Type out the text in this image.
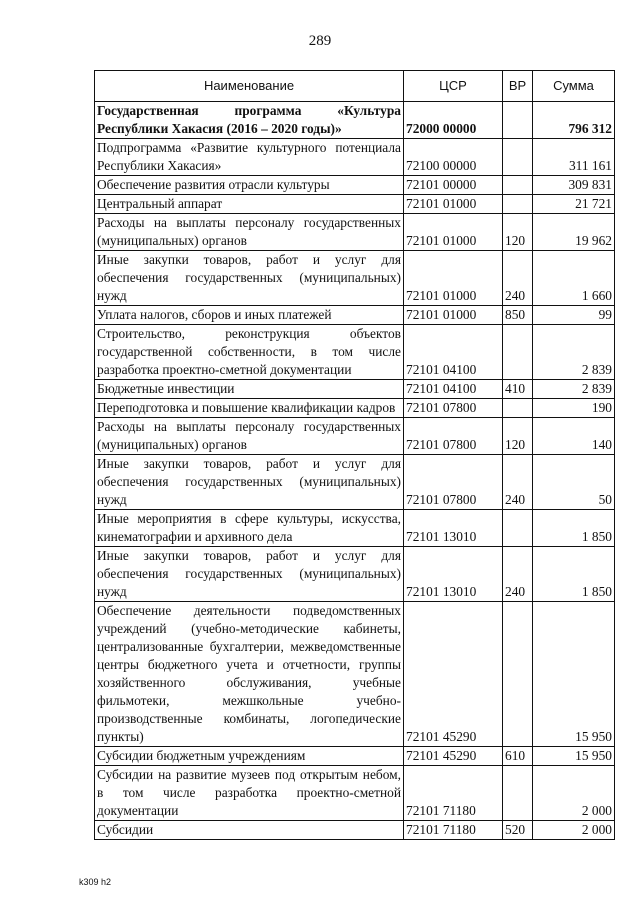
289
Наименование	ЦСР	ВР	Сумма
Государственная программа «Культура Республики Хакасия (2016 – 2020 годы)»	72000 00000		796 312
Подпрограмма «Развитие культурного потенциала Республики Хакасия»	72100 00000		311 161
Обеспечение развития отрасли культуры	72101 00000		309 831
Центральный аппарат	72101 01000		21 721
Расходы на выплаты персоналу государственных (муниципальных) органов	72101 01000	120	19 962
Иные закупки товаров, работ и услуг для обеспечения государственных (муниципальных) нужд	72101 01000	240	1 660
Уплата налогов, сборов и иных платежей	72101 01000	850	99
Строительство, реконструкция объектов государственной собственности, в том числе разработка проектно-сметной документации	72101 04100		2 839
Бюджетные инвестиции	72101 04100	410	2 839
Переподготовка и повышение квалификации кадров	72101 07800		190
Расходы на выплаты персоналу государственных (муниципальных) органов	72101 07800	120	140
Иные закупки товаров, работ и услуг для обеспечения государственных (муниципальных) нужд	72101 07800	240	50
Иные мероприятия в сфере культуры, искусства, кинематографии и архивного дела	72101 13010		1 850
Иные закупки товаров, работ и услуг для обеспечения государственных (муниципальных) нужд	72101 13010	240	1 850
Обеспечение деятельности подведомственных учреждений (учебно-методические кабинеты, централизованные бухгалтерии, межведомственные центры бюджетного учета и отчетности, группы хозяйственного обслуживания, учебные фильмотеки, межшкольные учебно-производственные комбинаты, логопедические пункты)	72101 45290		15 950
Субсидии бюджетным учреждениям	72101 45290	610	15 950
Субсидии на развитие музеев под открытым небом, в том числе разработка проектно-сметной документации	72101 71180		2 000
Субсидии	72101 71180	520	2 000
k309 h2
